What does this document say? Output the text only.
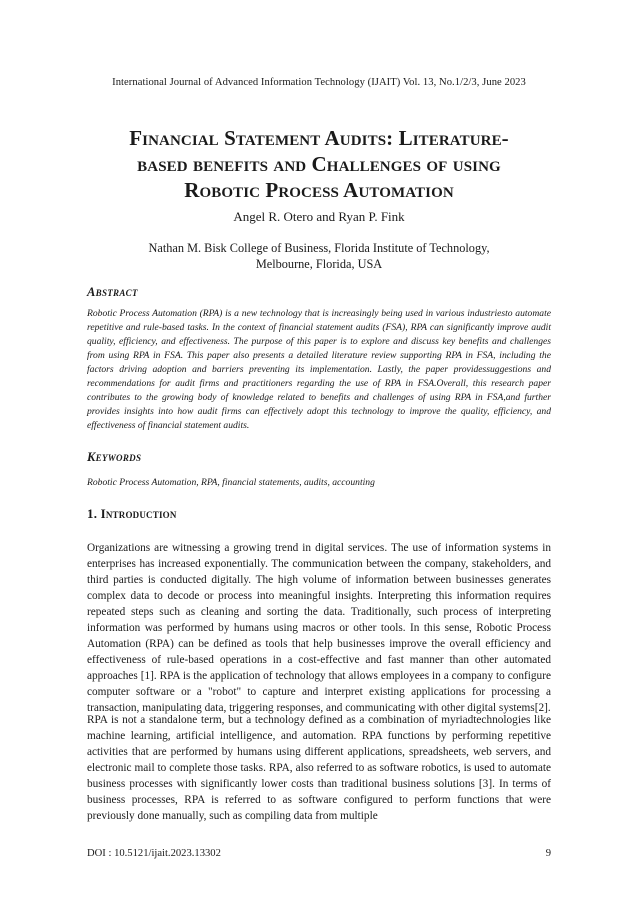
International Journal of Advanced Information Technology (IJAIT) Vol. 13, No.1/2/3, June 2023
Financial Statement Audits: Literature-
based benefits and Challenges of using
Robotic Process Automation
Angel R. Otero and Ryan P. Fink
Nathan M. Bisk College of Business, Florida Institute of Technology,
Melbourne, Florida, USA
Abstract
Robotic Process Automation (RPA) is a new technology that is increasingly being used in various industriesto automate repetitive and rule-based tasks. In the context of financial statement audits (FSA), RPA can significantly improve audit quality, efficiency, and effectiveness. The purpose of this paper is to explore and discuss key benefits and challenges from using RPA in FSA. This paper also presents a detailed literature review supporting RPA in FSA, including the factors driving adoption and barriers preventing its implementation. Lastly, the paper providessuggestions and recommendations for audit firms and practitioners regarding the use of RPA in FSA.Overall, this research paper contributes to the growing body of knowledge related to benefits and challenges of using RPA in FSA,and further provides insights into how audit firms can effectively adopt this technology to improve the quality, efficiency, and effectiveness of financial statement audits.
Keywords
Robotic Process Automation, RPA, financial statements, audits, accounting
1. Introduction
Organizations are witnessing a growing trend in digital services. The use of information systems in enterprises has increased exponentially. The communication between the company, stakeholders, and third parties is conducted digitally. The high volume of information between businesses generates complex data to decode or process into meaningful insights. Interpreting this information requires repeated steps such as cleaning and sorting the data. Traditionally, such process of interpreting information was performed by humans using macros or other tools. In this sense, Robotic Process Automation (RPA) can be defined as tools that help businesses improve the overall efficiency and effectiveness of rule-based operations in a cost-effective and fast manner than other automated approaches [1]. RPA is the application of technology that allows employees in a company to configure computer software or a "robot" to capture and interpret existing applications for processing a transaction, manipulating data, triggering responses, and communicating with other digital systems[2].
RPA is not a standalone term, but a technology defined as a combination of myriadtechnologies like machine learning, artificial intelligence, and automation. RPA functions by performing repetitive activities that are performed by humans using different applications, spreadsheets, web servers, and electronic mail to complete those tasks. RPA, also referred to as software robotics, is used to automate business processes with significantly lower costs than traditional business solutions [3]. In terms of business processes, RPA is referred to as software configured to perform functions that were previously done manually, such as compiling data from multiple
DOI : 10.5121/ijait.2023.13302	9
